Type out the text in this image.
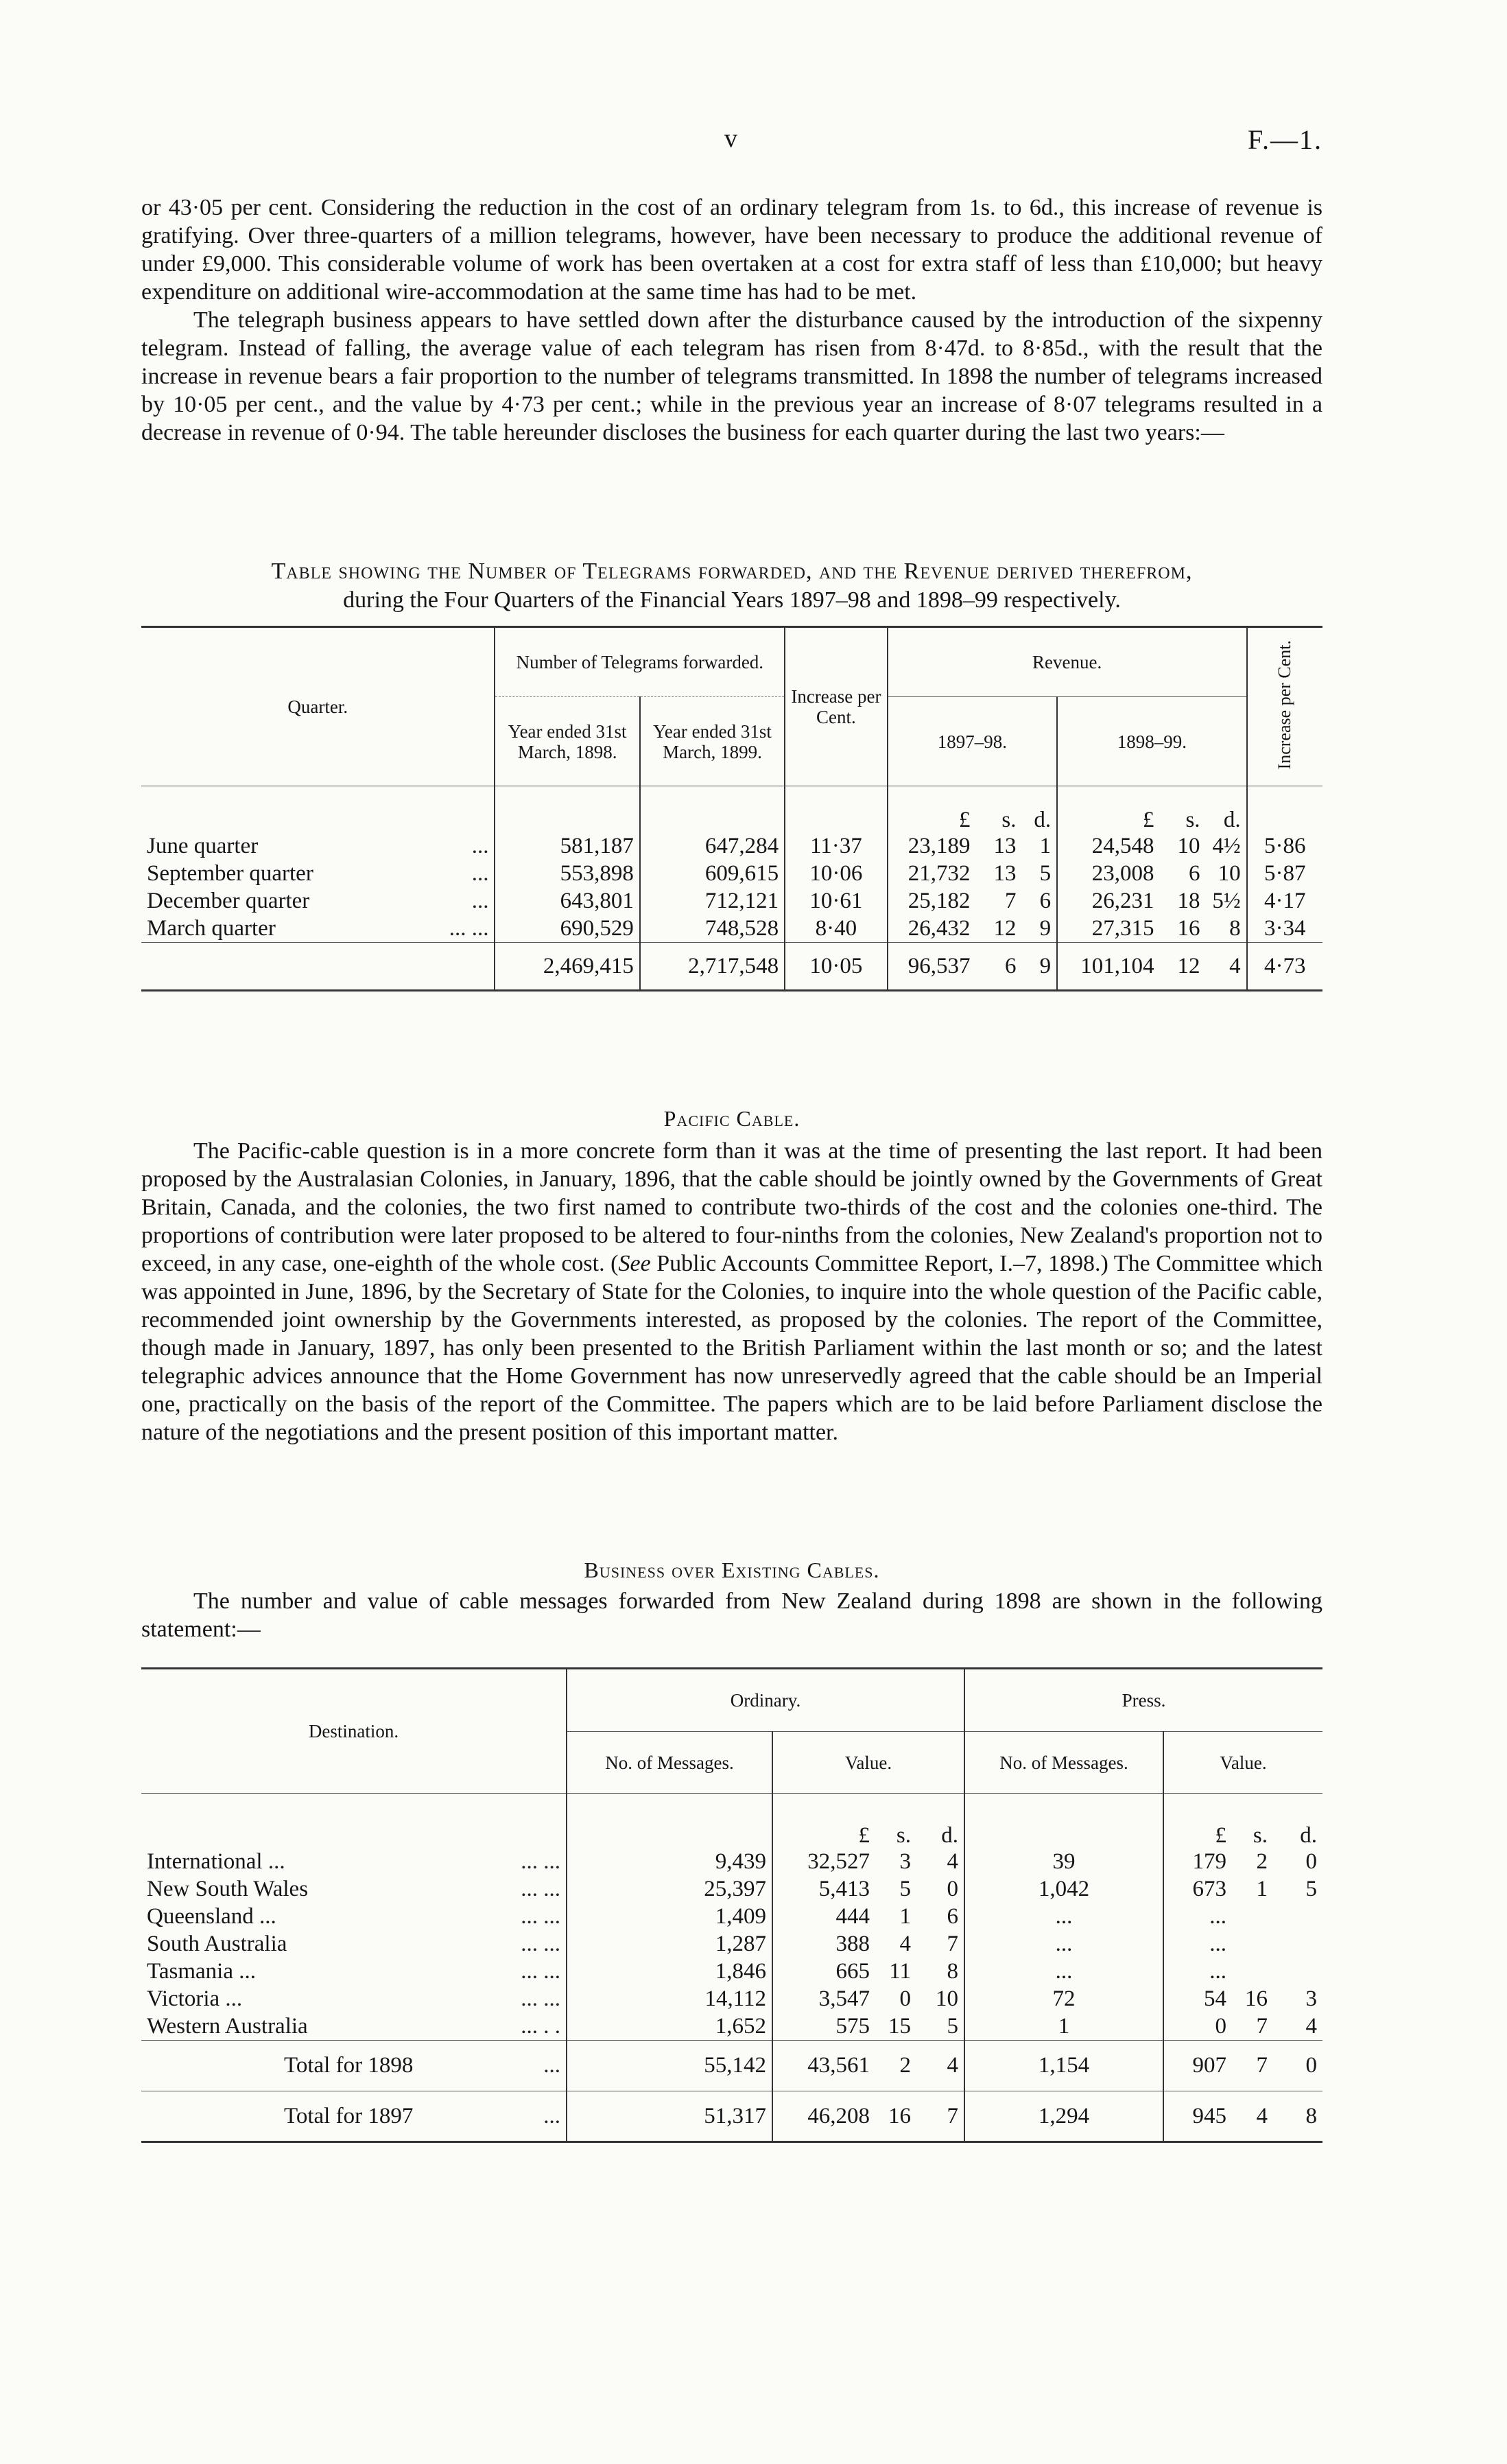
v	F.—1.

or 43·05 per cent. Considering the reduction in the cost of an ordinary telegram from 1s. to 6d., this increase of revenue is gratifying. Over three-quarters of a million telegrams, however, have been necessary to produce the additional revenue of under £9,000. This considerable volume of work has been overtaken at a cost for extra staff of less than £10,000; but heavy expenditure on additional wire-accommodation at the same time has had to be met.

The telegraph business appears to have settled down after the disturbance caused by the introduction of the sixpenny telegram. Instead of falling, the average value of each telegram has risen from 8·47d. to 8·85d., with the result that the increase in revenue bears a fair proportion to the number of telegrams transmitted. In 1898 the number of telegrams increased by 10·05 per cent., and the value by 4·73 per cent.; while in the previous year an increase of 8·07 telegrams resulted in a decrease in revenue of 0·94. The table hereunder discloses the business for each quarter during the last two years:—

Table showing the Number of Telegrams forwarded, and the Revenue derived therefrom,
during the Four Quarters of the Financial Years 1897–98 and 1898–99 respectively.
Quarter.	Number of Telegrams forwarded.		Increase per Cent.	Revenue.						Increase per Cent.
	Year ended 31st March, 1898.	Year ended 31st March, 1899.		1897–98.			1898–99.			
				£	s.	d.	£	s.	d.	
June quarter ...	581,187	647,284	11·37	23,189	13	1	24,548	10	4½	5·86
September quarter ...	553,898	609,615	10·06	21,732	13	5	23,008	6	10	5·87
December quarter ...	643,801	712,121	10·61	25,182	7	6	26,231	18	5½	4·17
March quarter ... ...	690,529	748,528	8·40	26,432	12	9	27,315	16	8	3·34
	2,469,415	2,717,548	10·05	96,537	6	9	101,104	12	4	4·73

Pacific Cable.

The Pacific-cable question is in a more concrete form than it was at the time of presenting the last report. It had been proposed by the Australasian Colonies, in January, 1896, that the cable should be jointly owned by the Governments of Great Britain, Canada, and the colonies, the two first named to contribute two-thirds of the cost and the colonies one-third. The proportions of contribution were later proposed to be altered to four-ninths from the colonies, New Zealand's proportion not to exceed, in any case, one-eighth of the whole cost. (See Public Accounts Committee Report, I.–7, 1898.) The Committee which was appointed in June, 1896, by the Secretary of State for the Colonies, to inquire into the whole question of the Pacific cable, recommended joint ownership by the Governments interested, as proposed by the colonies. The report of the Committee, though made in January, 1897, has only been presented to the British Parliament within the last month or so; and the latest telegraphic advices announce that the Home Government has now unreservedly agreed that the cable should be an Imperial one, practically on the basis of the report of the Committee. The papers which are to be laid before Parliament disclose the nature of the negotiations and the present position of this important matter.

Business over Existing Cables.

The number and value of cable messages forwarded from New Zealand during 1898 are shown in the following statement:—

Destination.	Ordinary.				Press.			
	No. of Messages.	Value.			No. of Messages.	Value.		
		£	s.	d.		£	s.	d.
International ... ... ...	9,439	32,527	3	4	39	179	2	0
New South Wales ... ...	25,397	5,413	5	0	1,042	673	1	5
Queensland ... ... ...	1,409	444	1	6	...	...		
South Australia ... ...	1,287	388	4	7	...	...		
Tasmania ... ... ...	1,846	665	11	8	...	...		
Victoria ... ... ...	14,112	3,547	0	10	72	54	16	3
Western Australia ... . .	1,652	575	15	5	1	0	7	4
Total for 1898 ...	55,142	43,561	2	4	1,154	907	7	0
Total for 1897 ...	51,317	46,208	16	7	1,294	945	4	8
